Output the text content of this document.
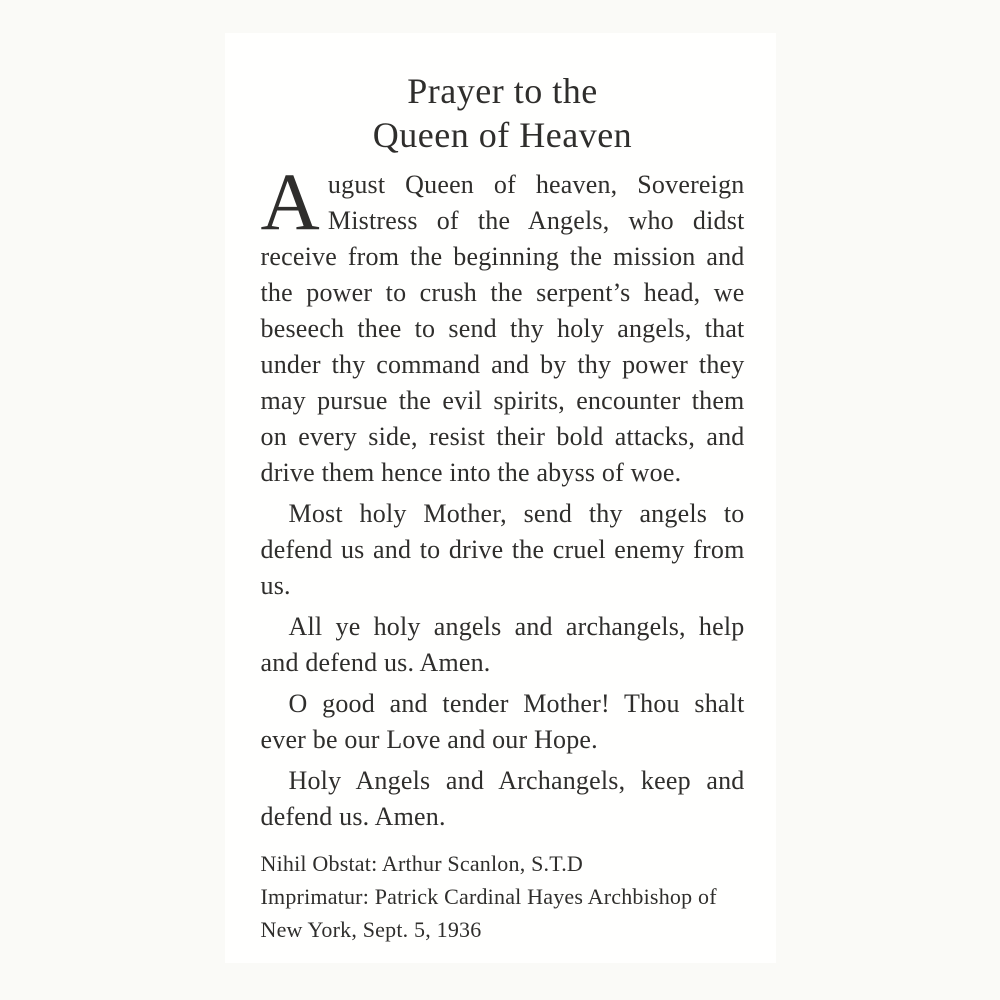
Prayer to the
Queen of Heaven

August Queen of heaven, Sovereign Mistress of the Angels, who didst receive from the beginning the mission and the power to crush the serpent’s head, we beseech thee to send thy holy angels, that under thy command and by thy power they may pursue the evil spirits, encounter them on every side, resist their bold attacks, and drive them hence into the abyss of woe.

Most holy Mother, send thy angels to defend us and to drive the cruel enemy from us.

All ye holy angels and archangels, help and defend us. Amen.

O good and tender Mother! Thou shalt ever be our Love and our Hope.

Holy Angels and Archangels, keep and defend us. Amen.

Nihil Obstat: Arthur Scanlon, S.T.D

Imprimatur: Patrick Cardinal Hayes Archbishop of New York, Sept. 5, 1936
